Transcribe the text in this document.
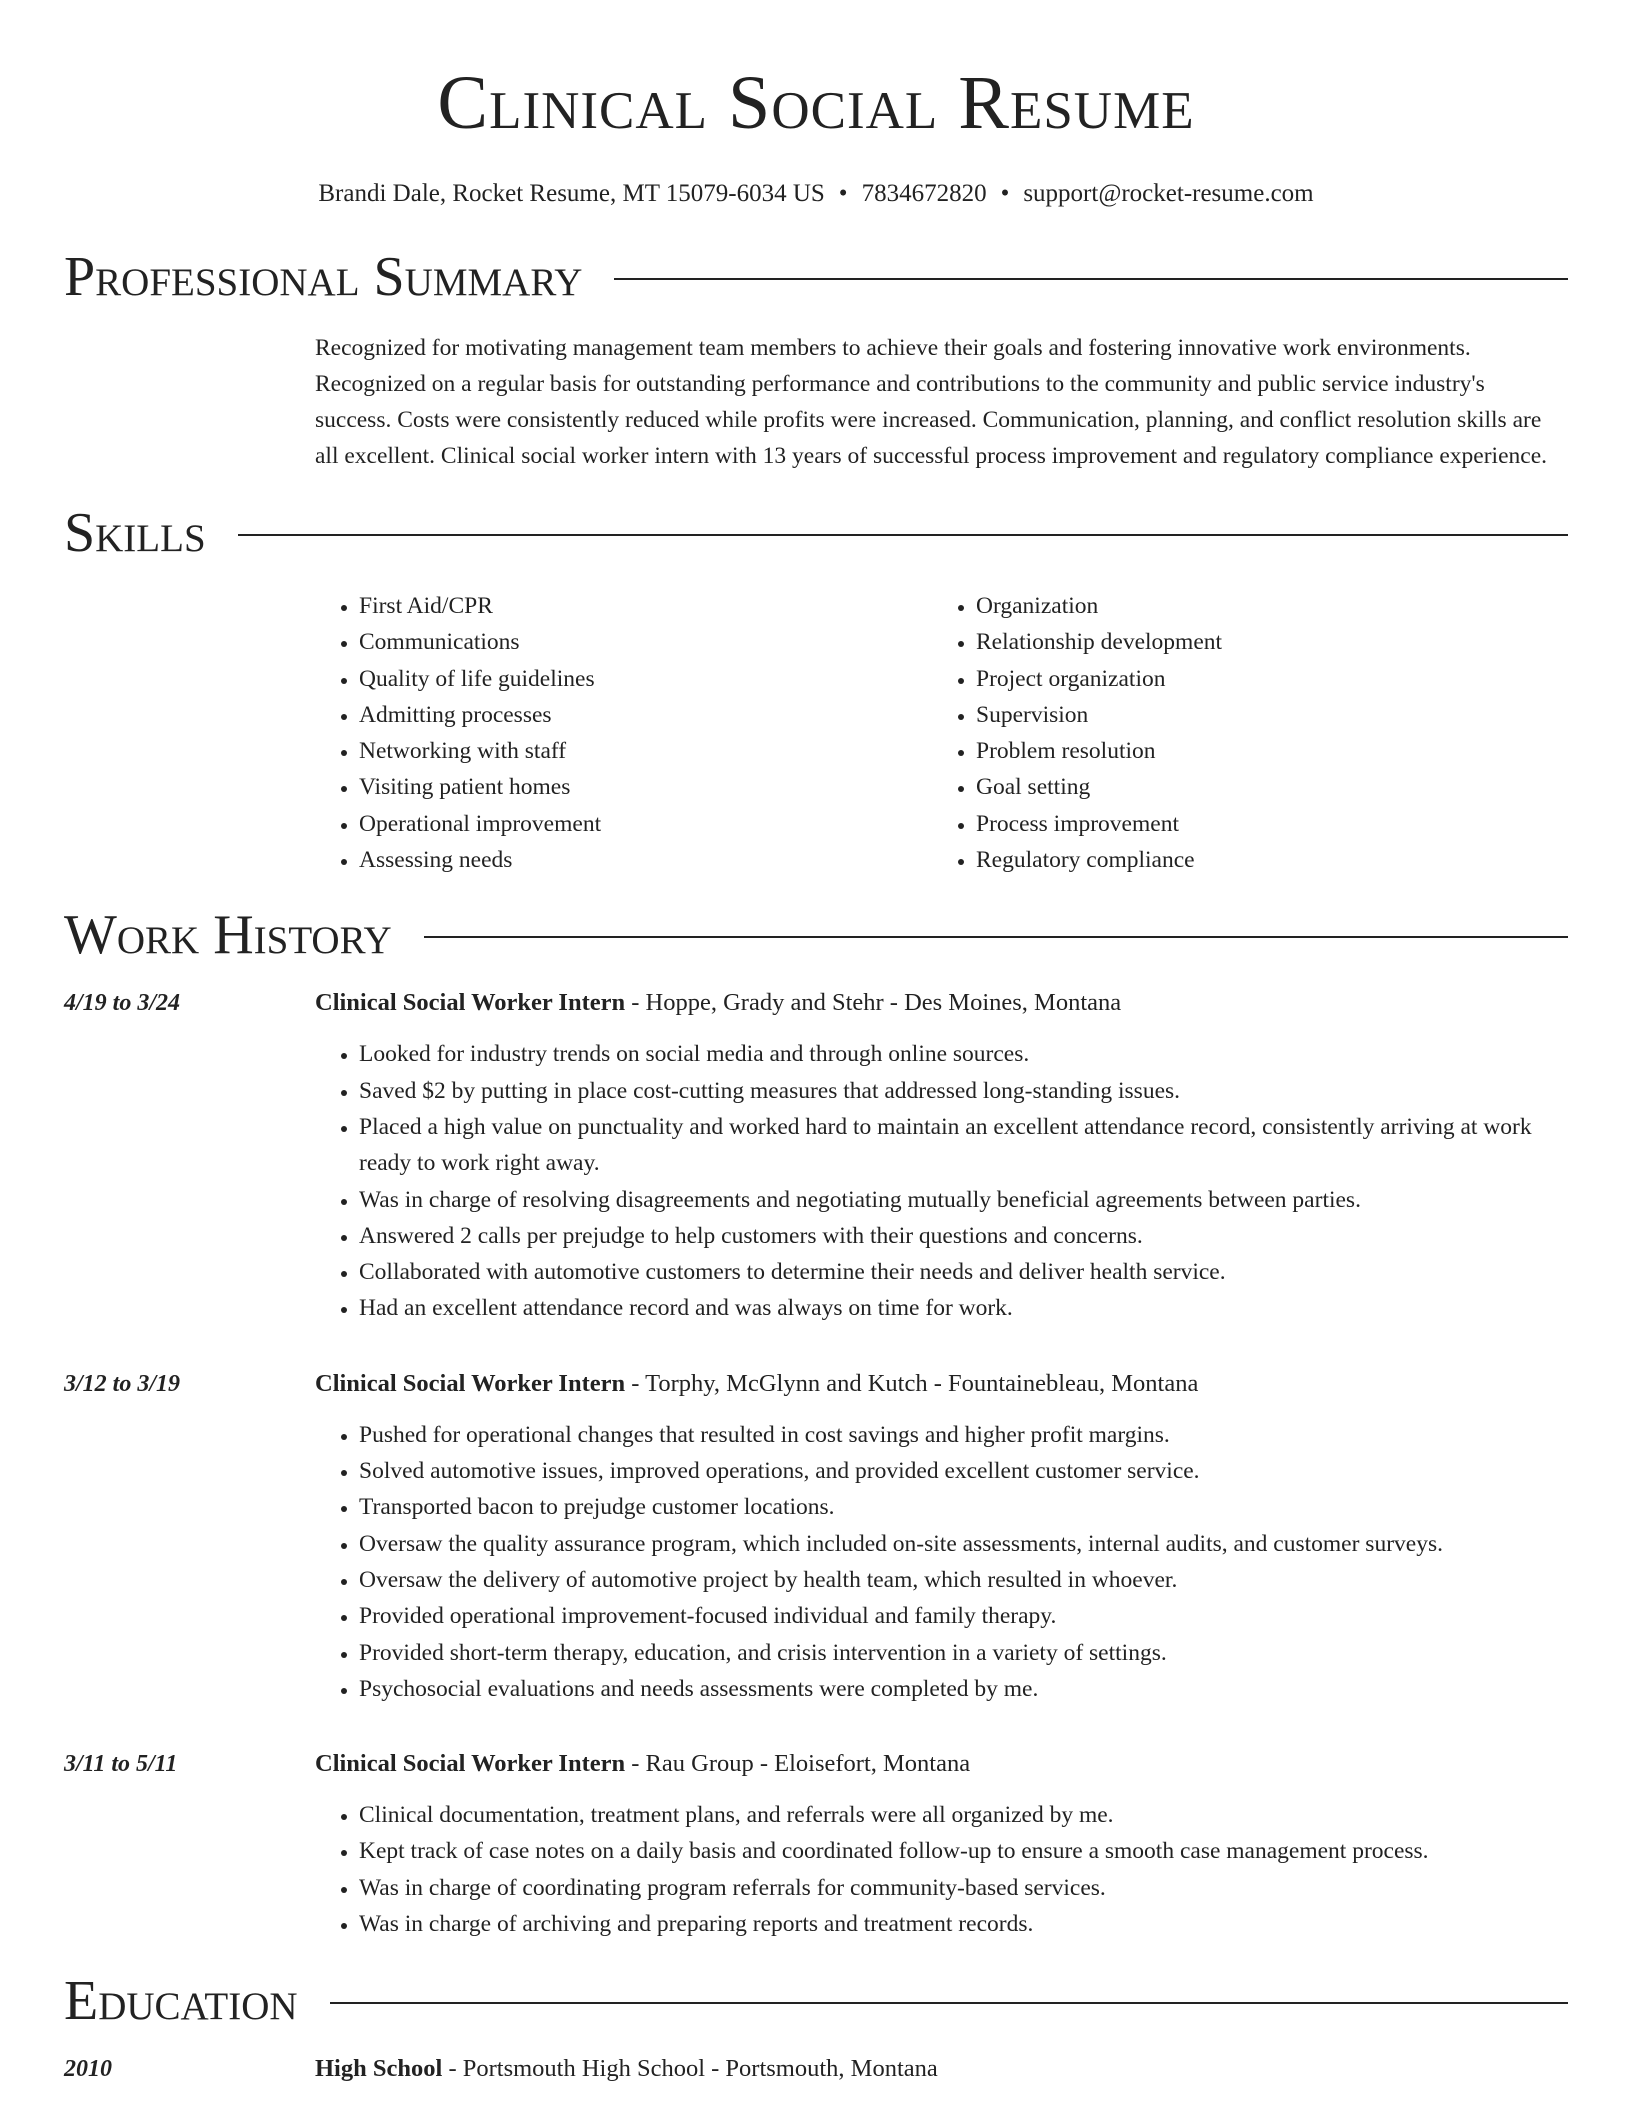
Clinical Social Resume
Brandi Dale, Rocket Resume, MT 15079-6034 US • 7834672820 • support@rocket-resume.com
Professional Summary
Recognized for motivating management team members to achieve their goals and fostering innovative work environments. Recognized on a regular basis for outstanding performance and contributions to the community and public service industry's success. Costs were consistently reduced while profits were increased. Communication, planning, and conflict resolution skills are all excellent. Clinical social worker intern with 13 years of successful process improvement and regulatory compliance experience.
Skills
• First Aid/CPR
• Communications
• Quality of life guidelines
• Admitting processes
• Networking with staff
• Visiting patient homes
• Operational improvement
• Assessing needs
• Organization
• Relationship development
• Project organization
• Supervision
• Problem resolution
• Goal setting
• Process improvement
• Regulatory compliance
Work History
4/19 to 3/24	Clinical Social Worker Intern - Hoppe, Grady and Stehr - Des Moines, Montana
• Looked for industry trends on social media and through online sources.
• Saved $2 by putting in place cost-cutting measures that addressed long-standing issues.
• Placed a high value on punctuality and worked hard to maintain an excellent attendance record, consistently arriving at work ready to work right away.
• Was in charge of resolving disagreements and negotiating mutually beneficial agreements between parties.
• Answered 2 calls per prejudge to help customers with their questions and concerns.
• Collaborated with automotive customers to determine their needs and deliver health service.
• Had an excellent attendance record and was always on time for work.
3/12 to 3/19	Clinical Social Worker Intern - Torphy, McGlynn and Kutch - Fountainebleau, Montana
• Pushed for operational changes that resulted in cost savings and higher profit margins.
• Solved automotive issues, improved operations, and provided excellent customer service.
• Transported bacon to prejudge customer locations.
• Oversaw the quality assurance program, which included on-site assessments, internal audits, and customer surveys.
• Oversaw the delivery of automotive project by health team, which resulted in whoever.
• Provided operational improvement-focused individual and family therapy.
• Provided short-term therapy, education, and crisis intervention in a variety of settings.
• Psychosocial evaluations and needs assessments were completed by me.
3/11 to 5/11	Clinical Social Worker Intern - Rau Group - Eloisefort, Montana
• Clinical documentation, treatment plans, and referrals were all organized by me.
• Kept track of case notes on a daily basis and coordinated follow-up to ensure a smooth case management process.
• Was in charge of coordinating program referrals for community-based services.
• Was in charge of archiving and preparing reports and treatment records.
Education
2010	High School - Portsmouth High School - Portsmouth, Montana
